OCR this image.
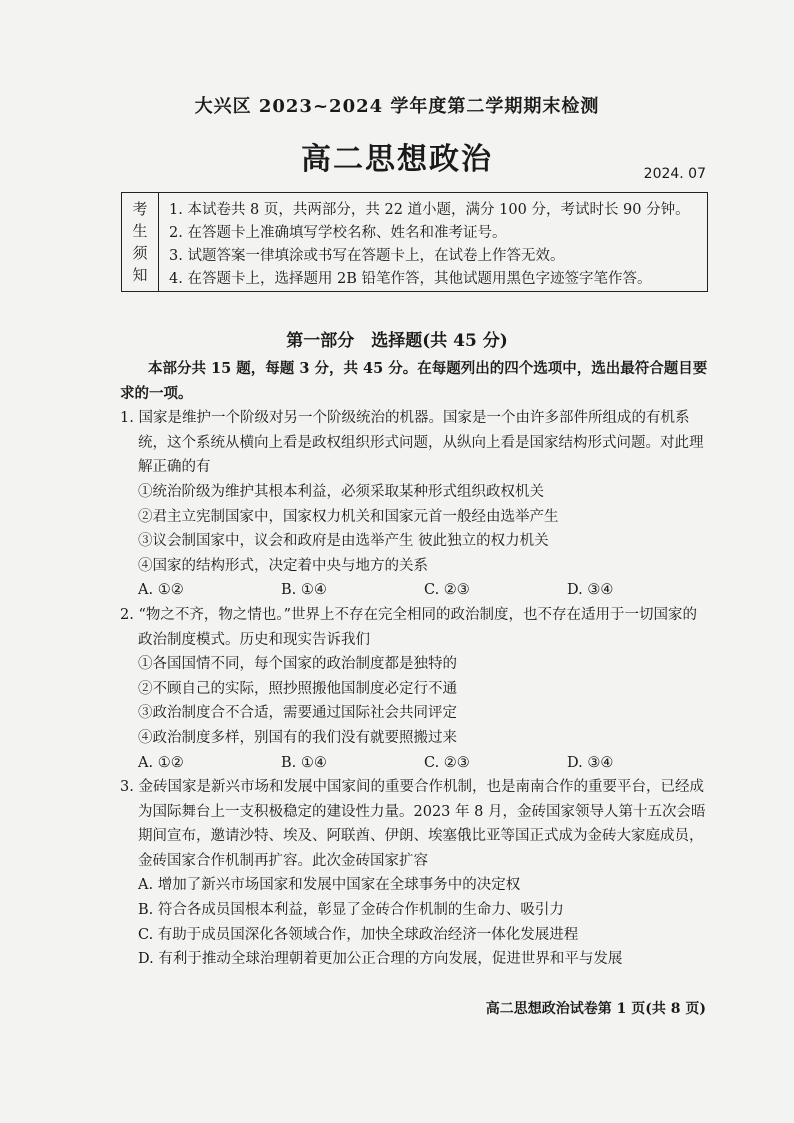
大兴区 2023~2024 学年度第二学期期末检测
高二思想政治	2024. 07
考
生
须
知
1. 本试卷共 8 页，共两部分，共 22 道小题，满分 100 分，考试时长 90 分钟。
2. 在答题卡上准确填写学校名称、姓名和准考证号。
3. 试题答案一律填涂或书写在答题卡上，在试卷上作答无效。
4. 在答题卡上，选择题用 2B 铅笔作答，其他试题用黑色字迹签字笔作答。
第一部分　选择题(共 45 分)

本部分共 15 题，每题 3 分，共 45 分。在每题列出的四个选项中，选出最符合题目要求的一项。

1. 国家是维护一个阶级对另一个阶级统治的机器。国家是一个由许多部件所组成的有机系统，这个系统从横向上看是政权组织形式问题，从纵向上看是国家结构形式问题。对此理解正确的有
①统治阶级为维护其根本利益，必须采取某种形式组织政权机关
②君主立宪制国家中，国家权力机关和国家元首一般经由选举产生
③议会制国家中，议会和政府是由选举产生 彼此独立的权力机关
④国家的结构形式，决定着中央与地方的关系
A. ①②	B. ①④	C. ②③	D. ③④
2. “物之不齐，物之情也。”世界上不存在完全相同的政治制度，也不存在适用于一切国家的政治制度模式。历史和现实告诉我们
①各国国情不同，每个国家的政治制度都是独特的
②不顾自己的实际，照抄照搬他国制度必定行不通
③政治制度合不合适，需要通过国际社会共同评定
④政治制度多样，别国有的我们没有就要照搬过来
A. ①②	B. ①④	C. ②③	D. ③④
3. 金砖国家是新兴市场和发展中国家间的重要合作机制，也是南南合作的重要平台，已经成为国际舞台上一支积极稳定的建设性力量。2023 年 8 月，金砖国家领导人第十五次会晤期间宣布，邀请沙特、埃及、阿联酋、伊朗、埃塞俄比亚等国正式成为金砖大家庭成员，金砖国家合作机制再扩容。此次金砖国家扩容
A. 增加了新兴市场国家和发展中国家在全球事务中的决定权
B. 符合各成员国根本利益，彰显了金砖合作机制的生命力、吸引力
C. 有助于成员国深化各领域合作，加快全球政治经济一体化发展进程
D. 有利于推动全球治理朝着更加公正合理的方向发展，促进世界和平与发展
高二思想政治试卷第 1 页(共 8 页)
